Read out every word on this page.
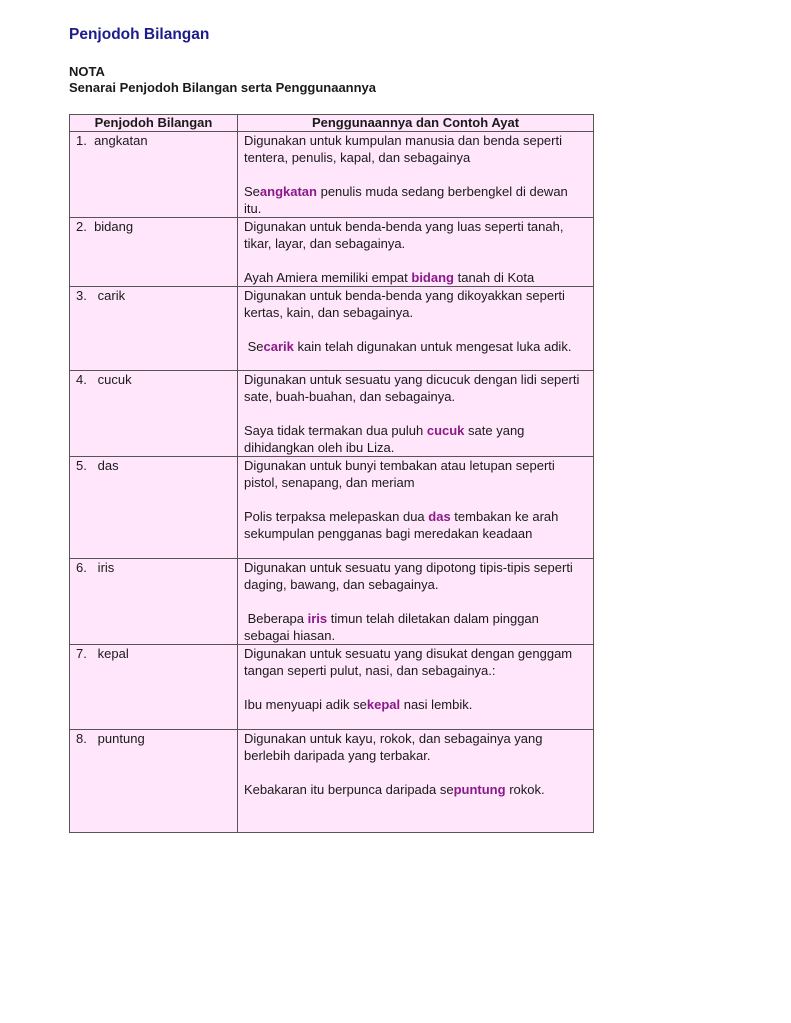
Penjodoh Bilangan
NOTA
Senarai Penjodoh Bilangan serta Penggunaannya
Penjodoh Bilangan	Penggunaannya dan Contoh Ayat
1.  angkatan	Digunakan untuk kumpulan manusia dan benda seperti tentera, penulis, kapal, dan sebagainya
Seangkatan penulis muda sedang berbengkel di dewan itu.

2.  bidang	Digunakan untuk benda-benda yang luas seperti tanah, tikar, layar, dan sebagainya.
Ayah Amiera memiliki empat bidang tanah di Kota

3.   carik	Digunakan untuk benda-benda yang dikoyakkan seperti kertas, kain, dan sebagainya.
Secarik kain telah digunakan untuk mengesat luka adik.

4.   cucuk	Digunakan untuk sesuatu yang dicucuk dengan lidi seperti sate, buah-buahan, dan sebagainya.
Saya tidak termakan dua puluh cucuk sate yang dihidangkan oleh ibu Liza.

5.   das	Digunakan untuk bunyi tembakan atau letupan seperti pistol, senapang, dan meriam
Polis terpaksa melepaskan dua das tembakan ke arah sekumpulan pengganas bagi meredakan keadaan

6.   iris	Digunakan untuk sesuatu yang dipotong tipis-tipis seperti daging, bawang, dan sebagainya.
Beberapa iris timun telah diletakan dalam pinggan sebagai hiasan.

7.   kepal	Digunakan untuk sesuatu yang disukat dengan genggam tangan seperti pulut, nasi, dan sebagainya.:
Ibu menyuapi adik sekepal nasi lembik.

8.   puntung	Digunakan untuk kayu, rokok, dan sebagainya yang berlebih daripada yang terbakar.
Kebakaran itu berpunca daripada sepuntung rokok.
